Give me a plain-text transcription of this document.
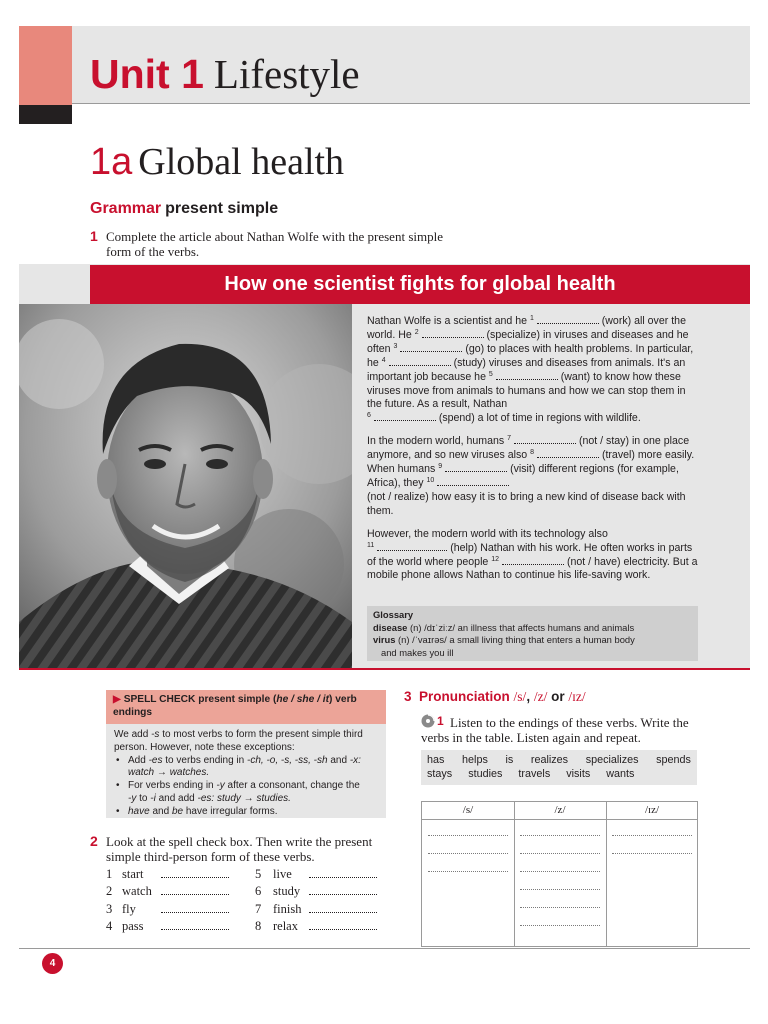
Unit 1 Lifestyle
1a Global health
Grammar present simple
1 Complete the article about Nathan Wolfe with the present simple
form of the verbs.
How one scientist fights for global health

Nathan Wolfe is a scientist and he $^1$	(work) all over the world. He $^2$	(specialize) in viruses and diseases and he often $^3$	(go) to places with health problems. In particular, he $^4$	(study) viruses and diseases from animals. It's an important job because he $^5$	(want) to know how these viruses move from animals to humans and how we can stop them in the future. As a result, Nathan
$^6$	(spend) a lot of time in regions with wildlife.

In the modern world, humans $^7$	(not / stay) in one place anymore, and so new viruses also $^8$	(travel) more easily. When humans $^9$	(visit) different regions (for example, Africa), they $^{10}$
(not / realize) how easy it is to bring a new kind of disease back with them.

However, the modern world with its technology also
$^{11}$	(help) Nathan with his work. He often works in parts of the world where people $^{12}$	(not / have) electricity. But a mobile phone allows Nathan to continue his life-saving work.

Glossary
disease (n) /dɪˈziːz/ an illness that affects humans and animals
virus (n) /ˈvaɪrəs/ a small living thing that enters a human body
and makes you ill
▶ SPELL CHECK present simple (he / she / it) verb
endings
We add -s to most verbs to form the present simple third person. However, note these exceptions:
• Add -es to verbs ending in -ch, -o, -s, -ss, -sh and -x:
watch → watches.
• For verbs ending in -y after a consonant, change the
-y to -i and add -es: study → studies.
• have and be have irregular forms.
2 Look at the spell check box. Then write the present
simple third-person form of these verbs.
1 start
2 watch
3 fly
4 pass
5 live
6 study
7 finish
8 relax
3 Pronunciation /s/, /z/ or /ɪz/
1 Listen to the endings of these verbs. Write the
verbs in the table. Listen again and repeat.
has helps is realizes specializes spends
stays studies travels visits wants
/s/	/z/	/ɪz/
4
